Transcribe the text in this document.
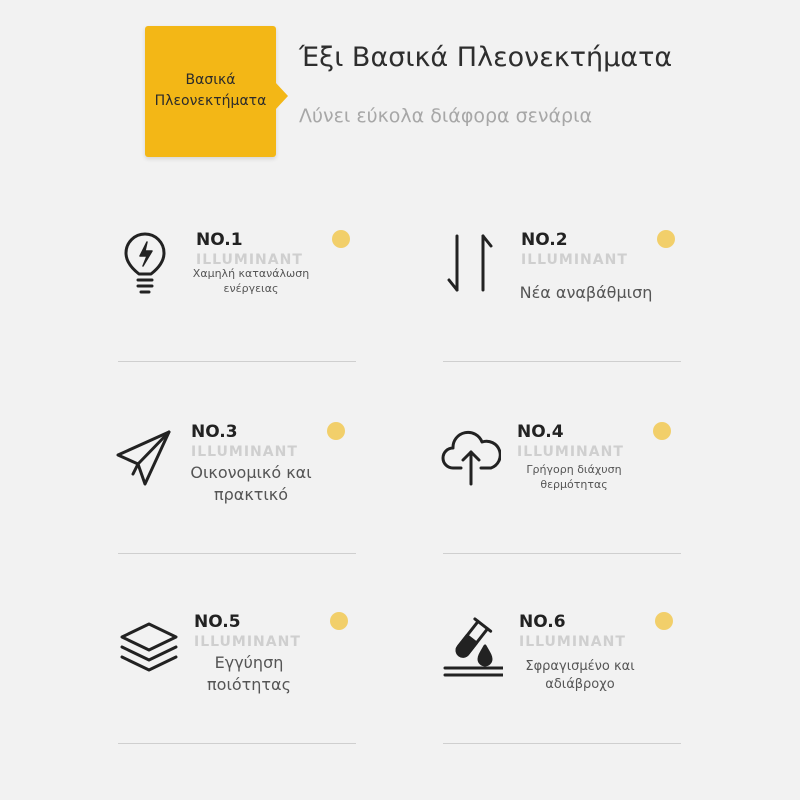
Βασικά Πλεονεκτήματα
Έξι Βασικά Πλεονεκτήματα
Λύνει εύκολα διάφορα σενάρια
NO.1
ILLUMINANT
Χαμηλή κατανάλωση ενέργειας
NO.2
ILLUMINANT
Νέα αναβάθμιση
NO.3
ILLUMINANT
Οικονομικό και πρακτικό
NO.4
ILLUMINANT
Γρήγορη διάχυση θερμότητας
NO.5
ILLUMINANT
Εγγύηση ποιότητας
NO.6
ILLUMINANT
Σφραγισμένο και αδιάβροχο
